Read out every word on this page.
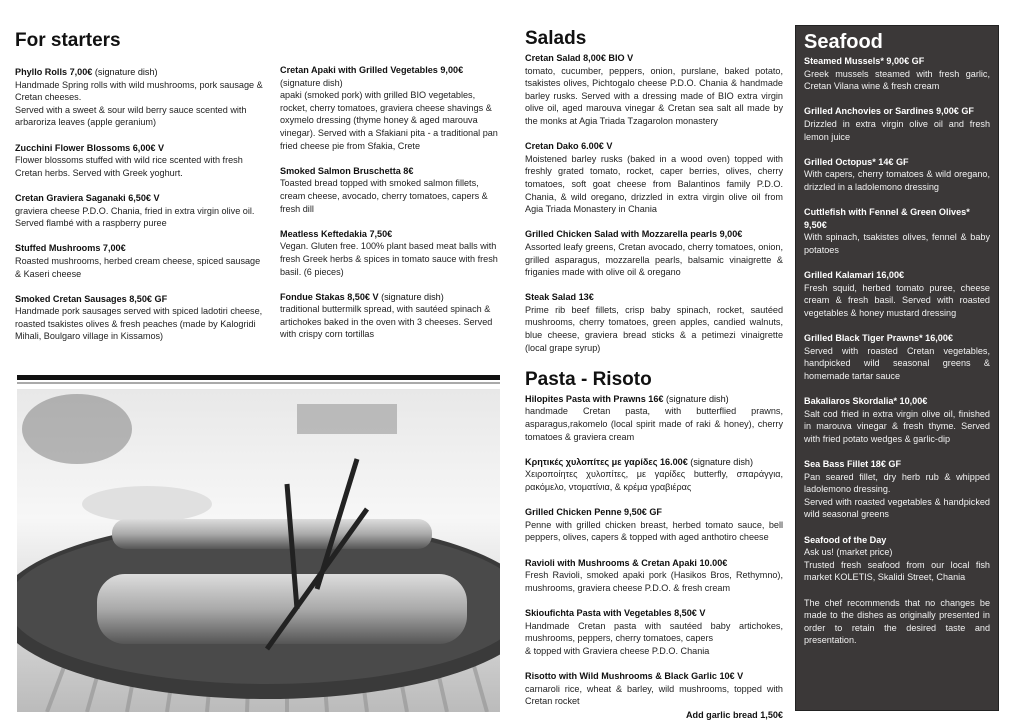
For starters
Phyllo Rolls 7,00€ (signature dish)
Handmade Spring rolls with wild mushrooms, pork sausage & Cretan cheeses.
Served with a sweet & sour wild berry sauce scented with arbaroriza leaves (apple geranium)
Zucchini Flower Blossoms 6,00€ V
Flower blossoms stuffed with wild rice scented with fresh Cretan herbs. Served with Greek yoghurt.
Cretan Graviera Saganaki 6,50€ V
graviera cheese P.D.O. Chania, fried in extra virgin olive oil. Served flambé with a raspberry puree
Stuffed Mushrooms 7,00€
Roasted mushrooms, herbed cream cheese, spiced sausage & Kaseri cheese
Smoked Cretan Sausages 8,50€ GF
Handmade pork sausages served with spiced ladotiri cheese, roasted tsakistes olives & fresh peaches (made by Kalogridi Mihali, Boulgaro village in Kissamos)
Cretan Apaki with Grilled Vegetables 9,00€
(signature dish)
apaki (smoked pork) with grilled BIO vegetables, rocket, cherry tomatoes, graviera cheese shavings & oxymelo dressing (thyme honey & aged marouva vinegar). Served with a Sfakiani pita - a traditional pan fried cheese pie from Sfakia, Crete
Smoked Salmon Bruschetta 8€
Toasted bread topped with smoked salmon fillets, cream cheese, avocado, cherry tomatoes, capers & fresh dill
Meatless Keftedakia 7,50€
Vegan. Gluten free. 100% plant based meat balls with fresh Greek herbs & spices in tomato sauce with fresh basil. (6 pieces)
Fondue Stakas 8,50€ V (signature dish)
traditional buttermilk spread, with sautéed spinach & artichokes baked in the oven with 3 cheeses. Served with crispy corn tortillas
Salads
Cretan Salad 8,00€ BIO V
tomato, cucumber, peppers, onion, purslane, baked potato, tsakistes olives, Pichtogalo cheese P.D.O. Chania & handmade barley rusks. Served with a dressing made of BIO extra virgin olive oil, aged marouva vinegar & Cretan sea salt all made by the monks at Agia Triada Tzagarolon monastery
Cretan Dako 6.00€ V
Moistened barley rusks (baked in a wood oven) topped with freshly grated tomato, rocket, caper berries, olives, cherry tomatoes, soft goat cheese from Balantinos family P.D.O. Chania, & wild oregano, drizzled in extra virgin olive oil from Agia Triada Monastery in Chania
Grilled Chicken Salad with Mozzarella pearls 9,00€
Assorted leafy greens, Cretan avocado, cherry tomatoes, onion, grilled asparagus, mozzarella pearls, balsamic vinaigrette & friganies made with olive oil & oregano
Steak Salad 13€
Prime rib beef fillets, crisp baby spinach, rocket, sautéed mushrooms, cherry tomatoes, green apples, candied walnuts, blue cheese, graviera bread sticks & a petimezi vinaigrette (local grape syrup)
Pasta - Risoto
Hilopites Pasta with Prawns 16€ (signature dish)
handmade Cretan pasta, with butterflied prawns, asparagus,rakomelo (local spirit made of raki & honey), cherry tomatoes & graviera cream
Κρητικές χυλοπίτες με γαρίδες 16.00€ (signature dish)
Χειροποίητες χυλοπίτες, με γαρίδες butterfly, σπαράγγια, ρακόμελο, ντοματίνια, & κρέμα γραβιέρας
Grilled Chicken Penne 9,50€ GF
Penne with grilled chicken breast, herbed tomato sauce, bell peppers, olives, capers & topped with aged anthotiro cheese
Ravioli with Mushrooms & Cretan Apaki 10.00€
Fresh Ravioli, smoked apaki pork (Hasikos Bros, Rethymno), mushrooms, graviera cheese P.D.O. & fresh cream
Skioufichta Pasta with Vegetables 8,50€ V
Handmade Cretan pasta with sautéed baby artichokes, mushrooms, peppers, cherry tomatoes, capers
& topped with Graviera cheese P.D.O. Chania
Risotto with Wild Mushrooms & Black Garlic 10€ V
carnaroli rice, wheat & barley, wild mushrooms, topped with Cretan rocket
Add garlic bread 1,50€
Seafood
Steamed Mussels* 9,00€ GF
Greek mussels steamed with fresh garlic, Cretan Vilana wine & fresh cream
Grilled Anchovies or Sardines 9,00€ GF
Drizzled in extra virgin olive oil and fresh lemon juice
Grilled Octopus* 14€ GF
With capers, cherry tomatoes & wild oregano, drizzled in a ladolemono dressing
Cuttlefish with Fennel & Green Olives* 9,50€
With spinach, tsakistes olives, fennel & baby potatoes
Grilled Kalamari 16,00€
Fresh squid, herbed tomato puree, cheese cream & fresh basil. Served with roasted vegetables & honey mustard dressing
Grilled Black Tiger Prawns* 16,00€
Served with roasted Cretan vegetables, handpicked wild seasonal greens & homemade tartar sauce
Bakaliaros Skordalia* 10,00€
Salt cod fried in extra virgin olive oil, finished in marouva vinegar & fresh thyme. Served with fried potato wedges & garlic-dip
Sea Bass Fillet 18€ GF
Pan seared fillet, dry herb rub & whipped ladolemono dressing.
Served with roasted vegetables & handpicked wild seasonal greens
Seafood of the Day
Ask us! (market price)
Trusted fresh seafood from our local fish market KOLETIS, Skalidi Street, Chania
The chef recommends that no changes be made to the dishes as originally presented in order to retain the desired taste and presentation.
